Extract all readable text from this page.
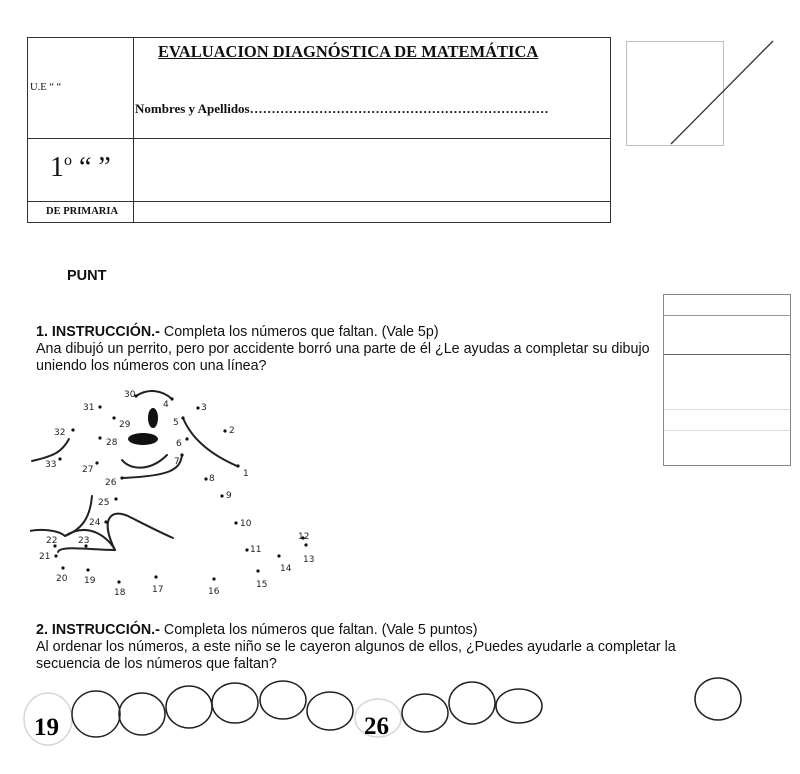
EVALUACION DIAGNÓSTICA DE MATEMÁTICA
U.E “ “
Nombres y Apellidos……………………………………………………………
1$^o$ “ ”
DE PRIMARIA
PUNT
1. INSTRUCCIÓN.- Completa los números que faltan. (Vale 5p)
Ana dibujó un perrito, pero por accidente borró una parte de él ¿Le ayudas a completar su dibujo
uniendo los números con una línea?
1
2
3
4
5
6
7
8
9
10
11
12
13
14
15
16
17
18
19
20
21
22 23
24
25
26
27
28
29
30
31
32
33
2. INSTRUCCIÓN.- Completa los números que faltan. (Vale 5 puntos)
Al ordenar los números, a este niño se le cayeron algunos de ellos, ¿Puedes ayudarle a completar la
secuencia de los números que faltan?
19	26
